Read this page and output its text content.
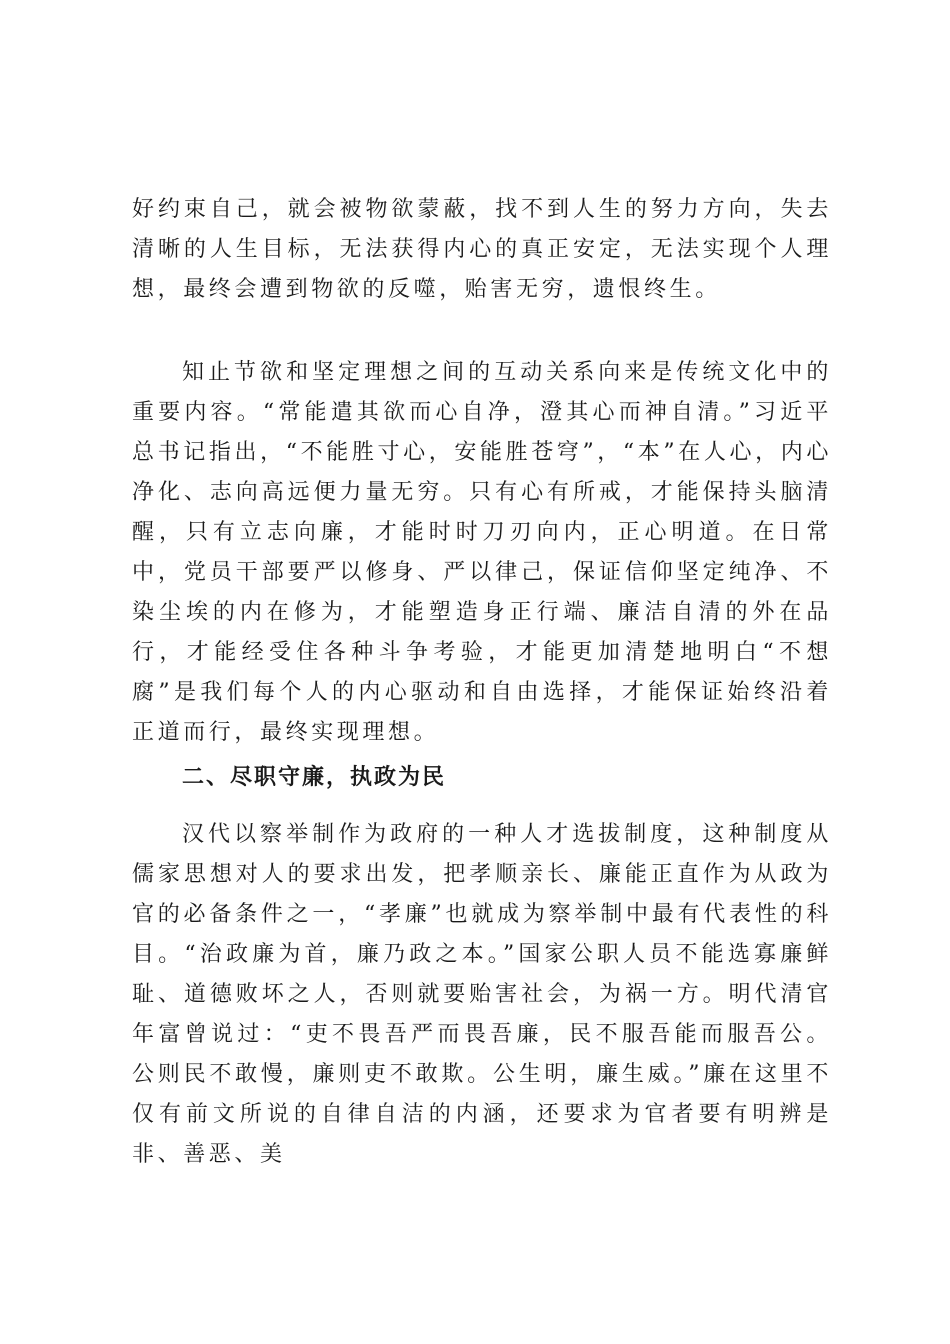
好约束自己，就会被物欲蒙蔽，找不到人生的努力方向，失去清晰的人生目标，无法获得内心的真正安定，无法实现个人理想，最终会遭到物欲的反噬，贻害无穷，遗恨终生。
知止节欲和坚定理想之间的互动关系向来是传统文化中的重要内容。“常能遣其欲而心自净，澄其心而神自清。”习近平总书记指出，“不能胜寸心，安能胜苍穹”，“本”在人心，内心净化、志向高远便力量无穷。只有心有所戒，才能保持头脑清醒，只有立志向廉，才能时时刀刃向内，正心明道。在日常中，党员干部要严以修身、严以律己，保证信仰坚定纯净、不染尘埃的内在修为，才能塑造身正行端、廉洁自清的外在品行，才能经受住各种斗争考验，才能更加清楚地明白“不想腐”是我们每个人的内心驱动和自由选择，才能保证始终沿着正道而行，最终实现理想。
二、尽职守廉，执政为民
汉代以察举制作为政府的一种人才选拔制度，这种制度从儒家思想对人的要求出发，把孝顺亲长、廉能正直作为从政为官的必备条件之一，“孝廉”也就成为察举制中最有代表性的科目。“治政廉为首，廉乃政之本。”国家公职人员不能选寡廉鲜耻、道德败坏之人，否则就要贻害社会，为祸一方。明代清官年富曾说过：“吏不畏吾严而畏吾廉，民不服吾能而服吾公。公则民不敢慢，廉则吏不敢欺。公生明，廉生威。”廉在这里不仅有前文所说的自律自洁的内涵，还要求为官者要有明辨是非、善恶、美
